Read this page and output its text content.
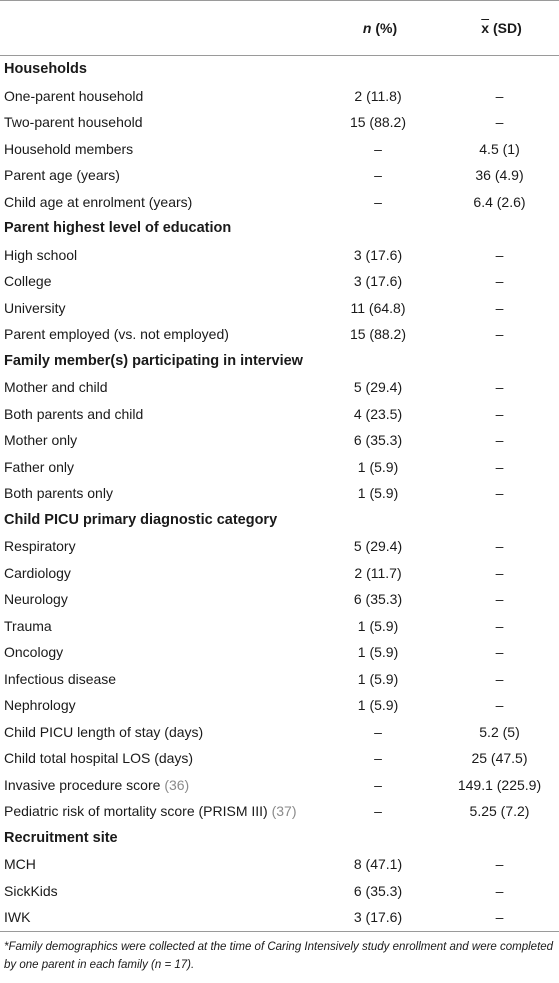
	n (%)	$\overline{x}$ (SD)
Households		
One-parent household	2 (11.8)	–
Two-parent household	15 (88.2)	–
Household members	–	4.5 (1)
Parent age (years)	–	36 (4.9)
Child age at enrolment (years)	–	6.4 (2.6)
Parent highest level of education		
High school	3 (17.6)	–
College	3 (17.6)	–
University	11 (64.8)	–
Parent employed (vs. not employed)	15 (88.2)	–
Family member(s) participating in interview		
Mother and child	5 (29.4)	–
Both parents and child	4 (23.5)	–
Mother only	6 (35.3)	–
Father only	1 (5.9)	–
Both parents only	1 (5.9)	–
Child PICU primary diagnostic category		
Respiratory	5 (29.4)	–
Cardiology	2 (11.7)	–
Neurology	6 (35.3)	–
Trauma	1 (5.9)	–
Oncology	1 (5.9)	–
Infectious disease	1 (5.9)	–
Nephrology	1 (5.9)	–
Child PICU length of stay (days)	–	5.2 (5)
Child total hospital LOS (days)	–	25 (47.5)
Invasive procedure score (36)	–	149.1 (225.9)
Pediatric risk of mortality score (PRISM III) (37)	–	5.25 (7.2)
Recruitment site		
MCH	8 (47.1)	–
SickKids	6 (35.3)	–
IWK	3 (17.6)	–
*Family demographics were collected at the time of Caring Intensively study enrollment and were completed by one parent in each family (n = 17).
